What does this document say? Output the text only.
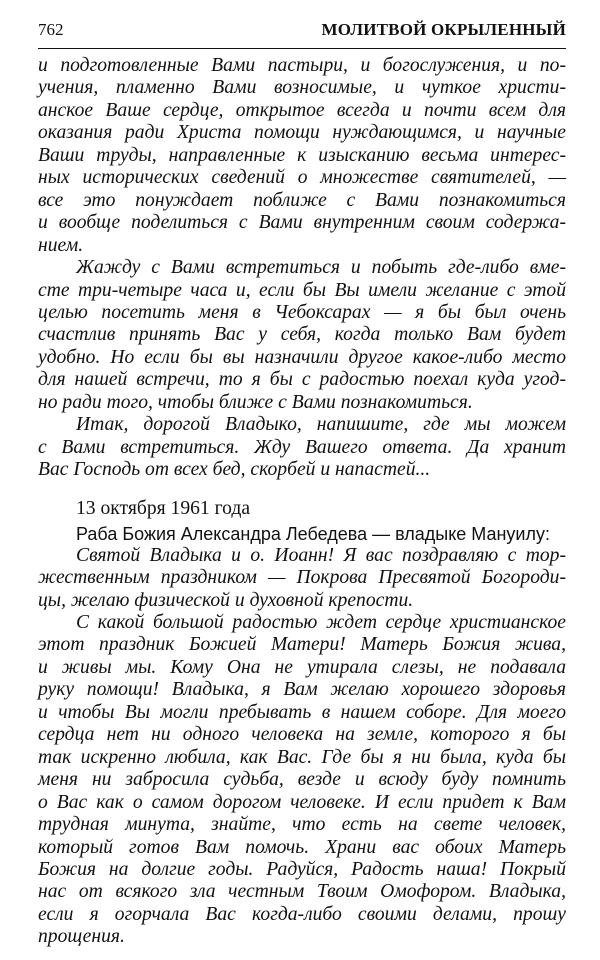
762	МОЛИТВОЙ ОКРЫЛЕННЫЙ
и подготовленные Вами пастыри, и богослужения, и по-
учения, пламенно Вами возносимые, и чуткое христи-
анское Ваше сердце, открытое всегда и почти всем для
оказания ради Христа помощи нуждающимся, и научные
Ваши труды, направленные к изысканию весьма интерес-
ных исторических сведений о множестве святителей, —
все это понуждает поближе с Вами познакомиться
и вообще поделиться с Вами внутренним своим содержа-
нием.
Жажду с Вами встретиться и побыть где-либо вме-
сте три-четыре часа и, если бы Вы имели желание с этой
целью посетить меня в Чебоксарах — я бы был очень
счастлив принять Вас у себя, когда только Вам будет
удобно. Но если бы вы назначили другое какое-либо место
для нашей встречи, то я бы с радостью поехал куда угод-
но ради того, чтобы ближе с Вами познакомиться.
Итак, дорогой Владыко, напишите, где мы можем
с Вами встретиться. Жду Вашего ответа. Да хранит
Вас Господь от всех бед, скорбей и напастей...
13 октября 1961 года
Раба Божия Александра Лебедева — владыке Мануилу:
Святой Владыка и о. Иоанн! Я вас поздравляю с тор-
жественным праздником — Покрова Пресвятой Богороди-
цы, желаю физической и духовной крепости.
С какой большой радостью ждет сердце христианское
этот праздник Божией Матери! Матерь Божия жива,
и живы мы. Кому Она не утирала слезы, не подавала
руку помощи! Владыка, я Вам желаю хорошего здоровья
и чтобы Вы могли пребывать в нашем соборе. Для моего
сердца нет ни одного человека на земле, которого я бы
так искренно любила, как Вас. Где бы я ни была, куда бы
меня ни забросила судьба, везде и всюду буду помнить
о Вас как о самом дорогом человеке. И если придет к Вам
трудная минута, знайте, что есть на свете человек,
который готов Вам помочь. Храни вас обоих Матерь
Божия на долгие годы. Радуйся, Радость наша! Покрый
нас от всякого зла честным Твоим Омофором. Владыка,
если я огорчала Вас когда-либо своими делами, прошу
прощения.
